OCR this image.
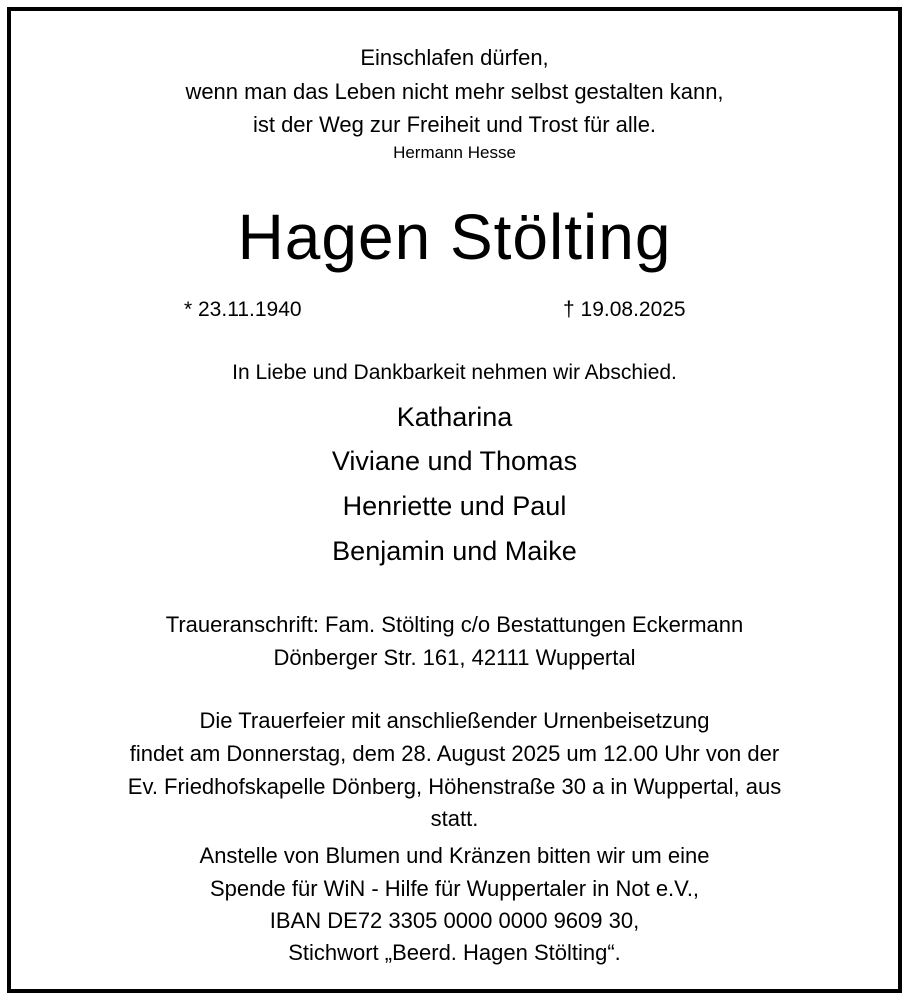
Einschlafen dürfen,
wenn man das Leben nicht mehr selbst gestalten kann,
ist der Weg zur Freiheit und Trost für alle.
Hermann Hesse
Hagen Stölting
* 23.11.1940	† 19.08.2025
In Liebe und Dankbarkeit nehmen wir Abschied.
Katharina
Viviane und Thomas
Henriette und Paul
Benjamin und Maike
Traueranschrift: Fam. Stölting c/o Bestattungen Eckermann
Dönberger Str. 161, 42111 Wuppertal
Die Trauerfeier mit anschließender Urnenbeisetzung
findet am Donnerstag, dem 28. August 2025 um 12.00 Uhr von der
Ev. Friedhofskapelle Dönberg, Höhenstraße 30 a in Wuppertal, aus
statt.
Anstelle von Blumen und Kränzen bitten wir um eine
Spende für WiN - Hilfe für Wuppertaler in Not e.V.,
IBAN DE72 3305 0000 0000 9609 30,
Stichwort „Beerd. Hagen Stölting“.
